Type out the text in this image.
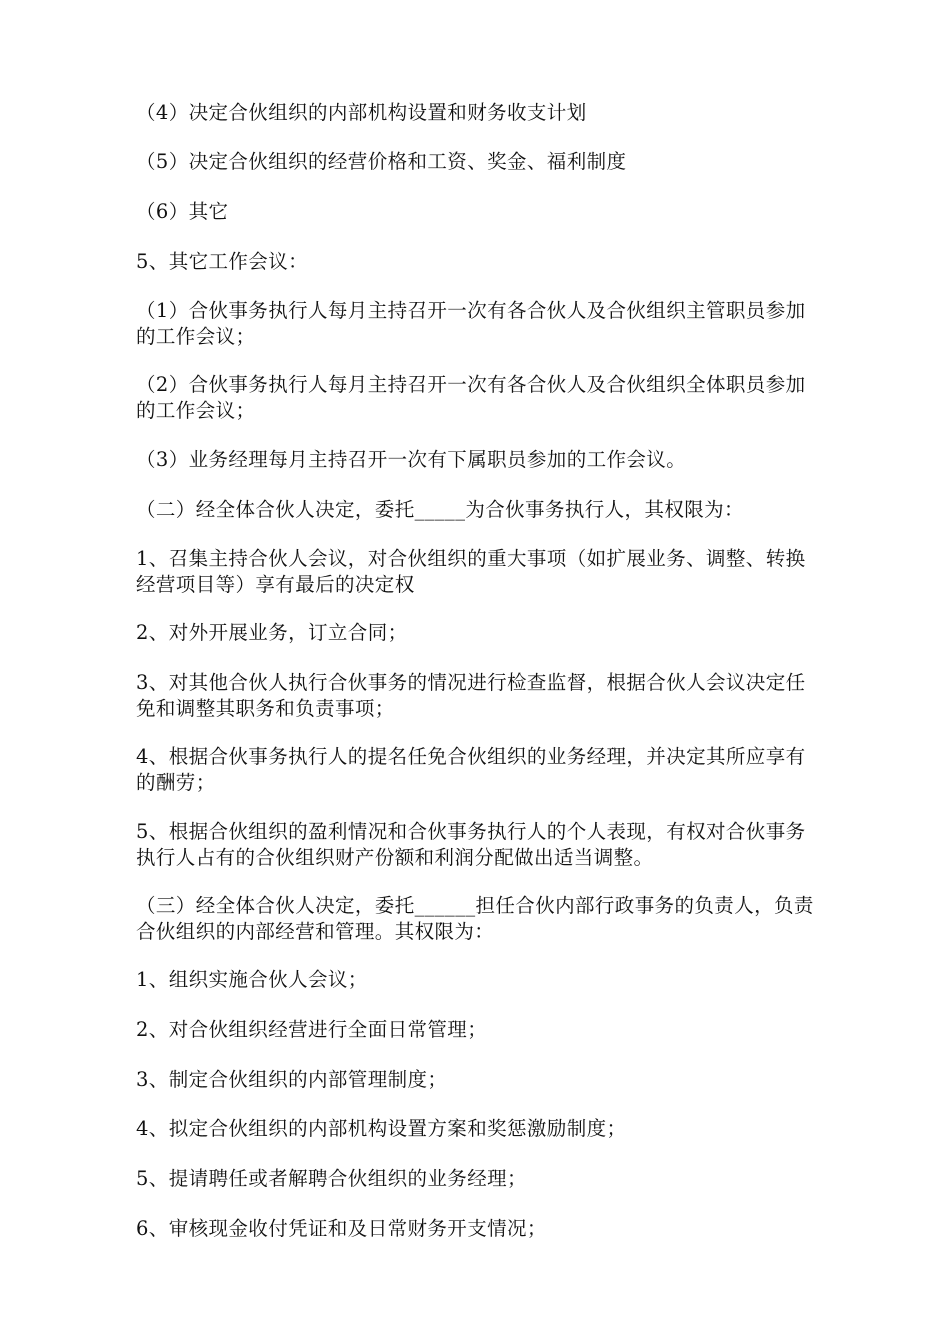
（4）决定合伙组织的内部机构设置和财务收支计划

（5）决定合伙组织的经营价格和工资、奖金、福利制度

（6）其它

5、其它工作会议：

（1）合伙事务执行人每月主持召开一次有各合伙人及合伙组织主管职员参加的工作会议；

（2）合伙事务执行人每月主持召开一次有各合伙人及合伙组织全体职员参加的工作会议；

（3）业务经理每月主持召开一次有下属职员参加的工作会议。

（二）经全体合伙人决定，委托_____为合伙事务执行人，其权限为：

1、召集主持合伙人会议，对合伙组织的重大事项（如扩展业务、调整、转换经营项目等）享有最后的决定权

2、对外开展业务，订立合同；

3、对其他合伙人执行合伙事务的情况进行检查监督，根据合伙人会议决定任免和调整其职务和负责事项；

4、根据合伙事务执行人的提名任免合伙组织的业务经理，并决定其所应享有的酬劳；

5、根据合伙组织的盈利情况和合伙事务执行人的个人表现，有权对合伙事务执行人占有的合伙组织财产份额和利润分配做出适当调整。

（三）经全体合伙人决定，委托______担任合伙内部行政事务的负责人，负责合伙组织的内部经营和管理。其权限为：

1、组织实施合伙人会议；

2、对合伙组织经营进行全面日常管理；

3、制定合伙组织的内部管理制度；

4、拟定合伙组织的内部机构设置方案和奖惩激励制度；

5、提请聘任或者解聘合伙组织的业务经理；

6、审核现金收付凭证和及日常财务开支情况；
